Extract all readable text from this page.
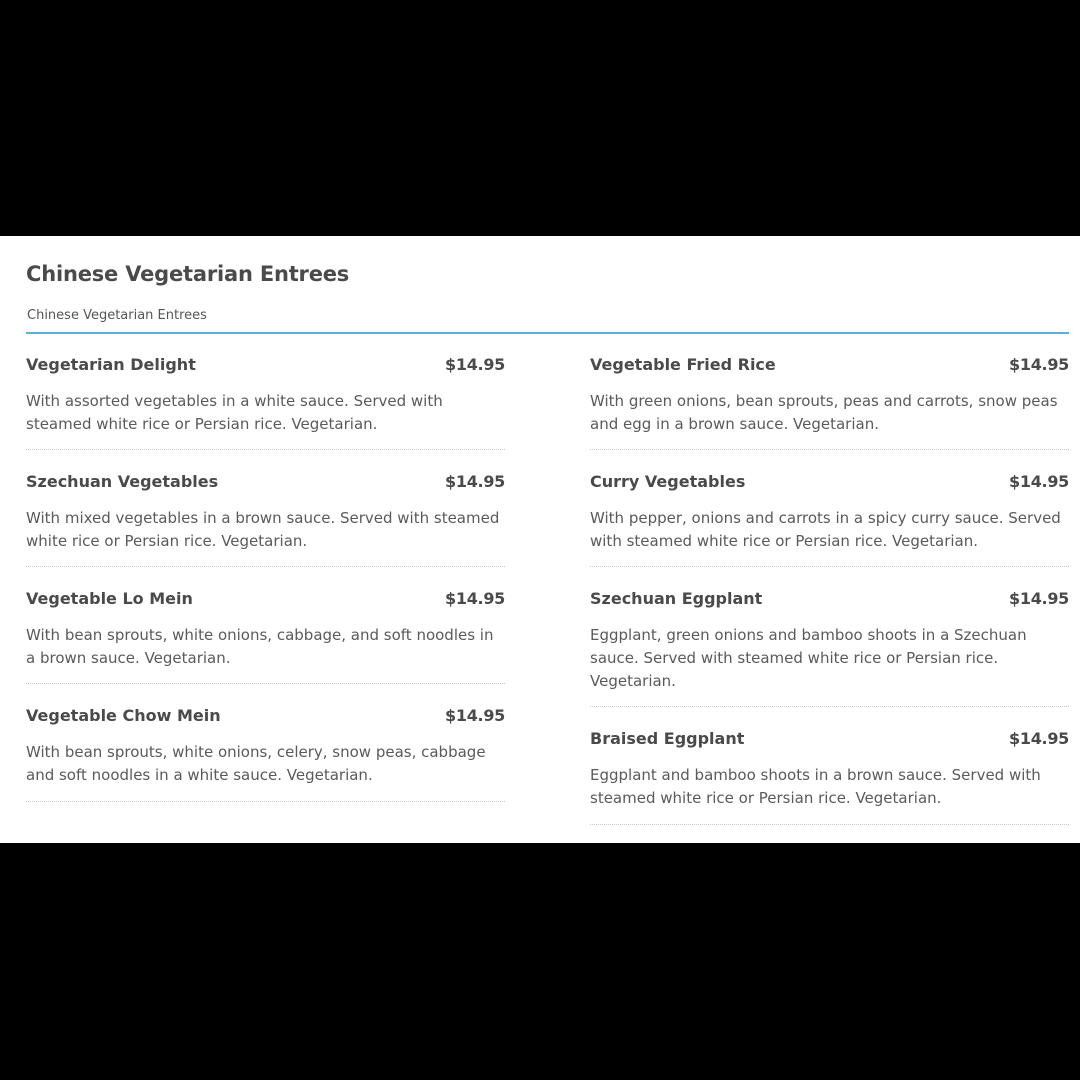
Chinese Vegetarian Entrees

Chinese Vegetarian Entrees

Vegetarian Delight	$14.95
With assorted vegetables in a white sauce. Served with steamed white rice or Persian rice. Vegetarian.
Szechuan Vegetables	$14.95
With mixed vegetables in a brown sauce. Served with steamed white rice or Persian rice. Vegetarian.
Vegetable Lo Mein	$14.95
With bean sprouts, white onions, cabbage, and soft noodles in a brown sauce. Vegetarian.
Vegetable Chow Mein	$14.95
With bean sprouts, white onions, celery, snow peas, cabbage and soft noodles in a white sauce. Vegetarian.
Vegetable Fried Rice	$14.95
With green onions, bean sprouts, peas and carrots, snow peas and egg in a brown sauce. Vegetarian.
Curry Vegetables	$14.95
With pepper, onions and carrots in a spicy curry sauce. Served with steamed white rice or Persian rice. Vegetarian.
Szechuan Eggplant	$14.95
Eggplant, green onions and bamboo shoots in a Szechuan sauce. Served with steamed white rice or Persian rice. Vegetarian.
Braised Eggplant	$14.95
Eggplant and bamboo shoots in a brown sauce. Served with steamed white rice or Persian rice. Vegetarian.
